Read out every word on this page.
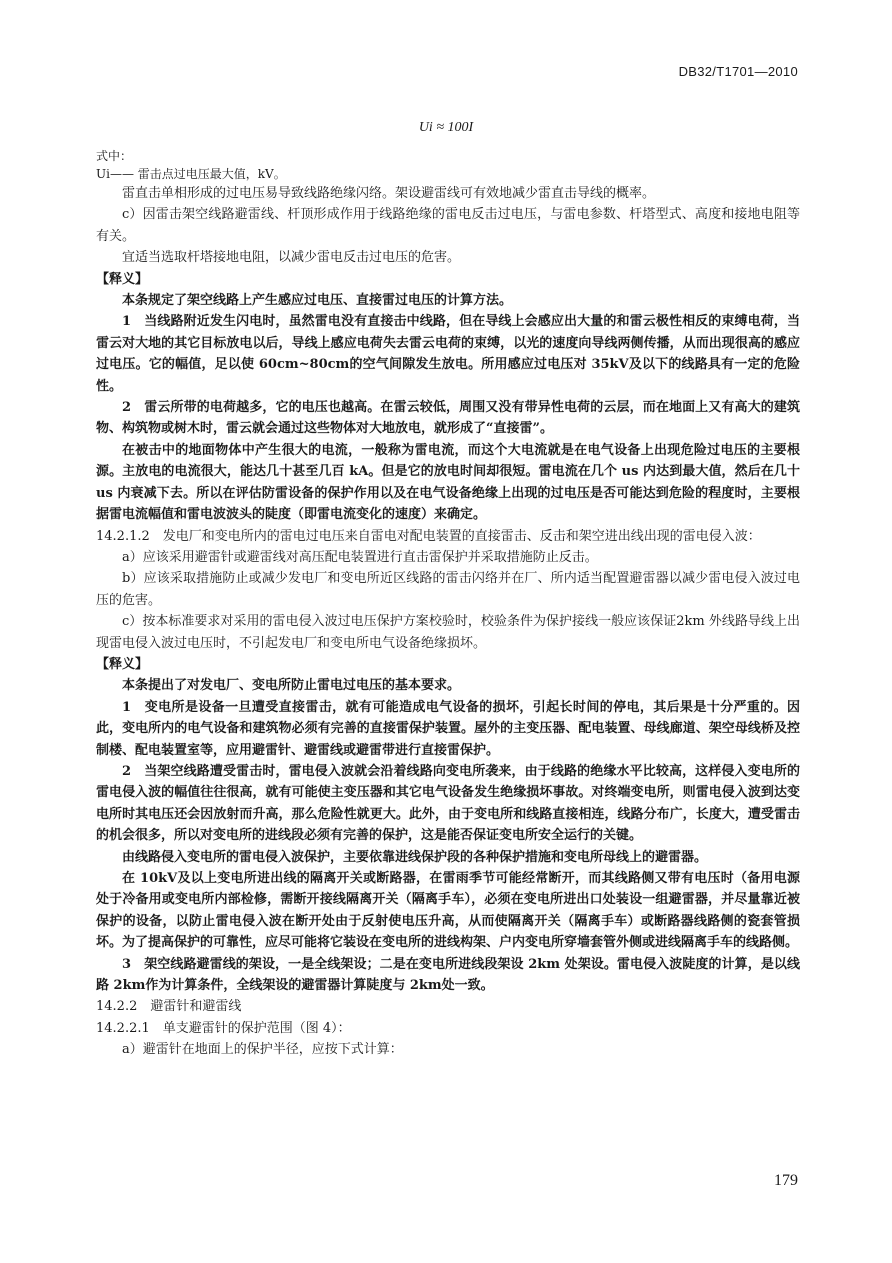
DB32/T1701—2010
Ui ≈ 100I

式中：

Ui—— 雷击点过电压最大值，kV。

雷直击单相形成的过电压易导致线路绝缘闪络。架设避雷线可有效地减少雷直击导线的概率。

c）因雷击架空线路避雷线、杆顶形成作用于线路绝缘的雷电反击过电压，与雷电参数、杆塔型式、高度和接地电阻等有关。

宜适当选取杆塔接地电阻，以减少雷电反击过电压的危害。

【释义】

本条规定了架空线路上产生感应过电压、直接雷过电压的计算方法。

1　当线路附近发生闪电时，虽然雷电没有直接击中线路，但在导线上会感应出大量的和雷云极性相反的束缚电荷，当雷云对大地的其它目标放电以后，导线上感应电荷失去雷云电荷的束缚，以光的速度向导线两侧传播，从而出现很高的感应过电压。它的幅值，足以使 60cm~80cm的空气间隙发生放电。所用感应过电压对 35kV及以下的线路具有一定的危险性。

2　雷云所带的电荷越多，它的电压也越高。在雷云较低，周围又没有带异性电荷的云层，而在地面上又有高大的建筑物、构筑物或树木时，雷云就会通过这些物体对大地放电，就形成了“直接雷”。

在被击中的地面物体中产生很大的电流，一般称为雷电流，而这个大电流就是在电气设备上出现危险过电压的主要根源。主放电的电流很大，能达几十甚至几百 kA。但是它的放电时间却很短。雷电流在几个 us 内达到最大值，然后在几十 us 内衰减下去。所以在评估防雷设备的保护作用以及在电气设备绝缘上出现的过电压是否可能达到危险的程度时，主要根据雷电流幅值和雷电波波头的陡度（即雷电流变化的速度）来确定。

14.2.1.2　发电厂和变电所内的雷电过电压来自雷电对配电装置的直接雷击、反击和架空进出线出现的雷电侵入波：

a）应该采用避雷针或避雷线对高压配电装置进行直击雷保护并采取措施防止反击。

b）应该采取措施防止或减少发电厂和变电所近区线路的雷击闪络并在厂、所内适当配置避雷器以减少雷电侵入波过电压的危害。

c）按本标准要求对采用的雷电侵入波过电压保护方案校验时，校验条件为保护接线一般应该保证2km 外线路导线上出现雷电侵入波过电压时，不引起发电厂和变电所电气设备绝缘损坏。

【释义】

本条提出了对发电厂、变电所防止雷电过电压的基本要求。

1　变电所是设备一旦遭受直接雷击，就有可能造成电气设备的损坏，引起长时间的停电，其后果是十分严重的。因此，变电所内的电气设备和建筑物必须有完善的直接雷保护装置。屋外的主变压器、配电装置、母线廊道、架空母线桥及控制楼、配电装置室等，应用避雷针、避雷线或避雷带进行直接雷保护。

2　当架空线路遭受雷击时，雷电侵入波就会沿着线路向变电所袭来，由于线路的绝缘水平比较高，这样侵入变电所的雷电侵入波的幅值往往很高，就有可能使主变压器和其它电气设备发生绝缘损坏事故。对终端变电所，则雷电侵入波到达变电所时其电压还会因放射而升高，那么危险性就更大。此外，由于变电所和线路直接相连，线路分布广，长度大，遭受雷击的机会很多，所以对变电所的进线段必须有完善的保护，这是能否保证变电所安全运行的关键。

由线路侵入变电所的雷电侵入波保护，主要依靠进线保护段的各种保护措施和变电所母线上的避雷器。

在 10kV及以上变电所进出线的隔离开关或断路器，在雷雨季节可能经常断开，而其线路侧又带有电压时（备用电源处于冷备用或变电所内部检修，需断开接线隔离开关（隔离手车），必须在变电所进出口处装设一组避雷器，并尽量靠近被保护的设备，以防止雷电侵入波在断开处由于反射使电压升高，从而使隔离开关（隔离手车）或断路器线路侧的瓷套管损坏。为了提高保护的可靠性，应尽可能将它装设在变电所的进线构架、户内变电所穿墙套管外侧或进线隔离手车的线路侧。

3　架空线路避雷线的架设，一是全线架设；二是在变电所进线段架设 2km 处架设。雷电侵入波陡度的计算，是以线路 2km作为计算条件，全线架设的避雷器计算陡度与 2km处一致。

14.2.2　避雷针和避雷线

14.2.2.1　单支避雷针的保护范围（图 4）：

a）避雷针在地面上的保护半径，应按下式计算：

179
